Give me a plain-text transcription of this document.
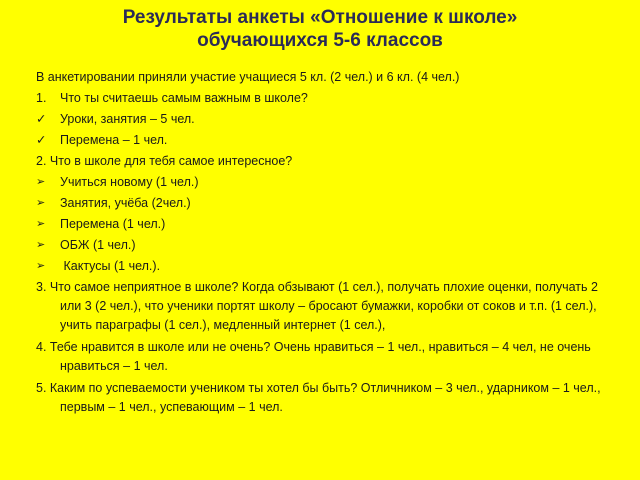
Результаты анкеты «Отношение к школе»
обучающихся 5-6 классов
В анкетировании приняли участие учащиеся 5 кл. (2 чел.) и 6 кл. (4 чел.)
1.	Что ты считаешь самым важным в школе?
✓	Уроки, занятия – 5 чел.
✓	Перемена – 1 чел.
2. Что в школе для тебя самое интересное?
➢	Учиться новому (1 чел.)
➢	Занятия, учёба (2чел.)
➢	Перемена (1 чел.)
➢	ОБЖ (1 чел.)
➢	Кактусы (1 чел.).
3. Что самое неприятное в школе? Когда обзывают (1 сел.), получать плохие оценки, получать 2 или 3 (2 чел.), что ученики портят школу – бросают бумажки, коробки от соков и т.п. (1 сел.), учить параграфы (1 сел.), медленный интернет (1 сел.),
4. Тебе нравится в школе или не очень? Очень нравиться – 1 чел., нравиться – 4 чел, не очень нравиться – 1 чел.
5. Каким по успеваемости учеником ты хотел бы быть? Отличником – 3 чел., ударником – 1 чел., первым – 1 чел., успевающим – 1 чел.
